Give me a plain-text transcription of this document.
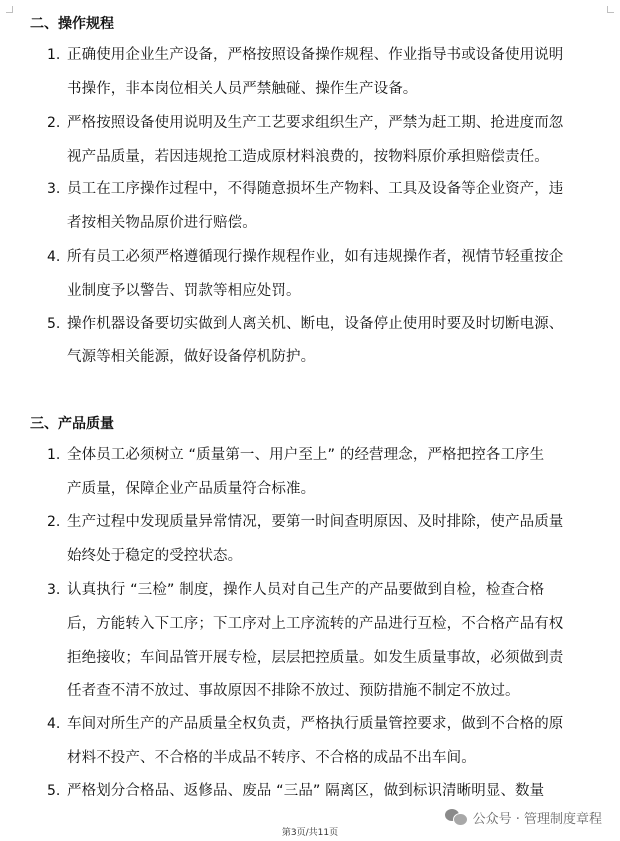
二、操作规程
1. 正确使用企业生产设备，严格按照设备操作规程、作业指导书或设备使用说明
书操作，非本岗位相关人员严禁触碰、操作生产设备。
2. 严格按照设备使用说明及生产工艺要求组织生产，严禁为赶工期、抢进度而忽
视产品质量，若因违规抢工造成原材料浪费的，按物料原价承担赔偿责任。
3. 员工在工序操作过程中，不得随意损坏生产物料、工具及设备等企业资产，违
者按相关物品原价进行赔偿。
4. 所有员工必须严格遵循现行操作规程作业，如有违规操作者，视情节轻重按企
业制度予以警告、罚款等相应处罚。
5. 操作机器设备要切实做到人离关机、断电，设备停止使用时要及时切断电源、
气源等相关能源，做好设备停机防护。
三、产品质量
1. 全体员工必须树立 “质量第一、用户至上” 的经营理念，严格把控各工序生
产质量，保障企业产品质量符合标准。
2. 生产过程中发现质量异常情况，要第一时间查明原因、及时排除，使产品质量
始终处于稳定的受控状态。
3. 认真执行 “三检” 制度，操作人员对自己生产的产品要做到自检，检查合格
后，方能转入下工序；下工序对上工序流转的产品进行互检，不合格产品有权
拒绝接收；车间品管开展专检，层层把控质量。如发生质量事故，必须做到责
任者查不清不放过、事故原因不排除不放过、预防措施不制定不放过。
4. 车间对所生产的产品质量全权负责，严格执行质量管控要求，做到不合格的原
材料不投产、不合格的半成品不转序、不合格的成品不出车间。
5. 严格划分合格品、返修品、废品 “三品” 隔离区，做到标识清晰明显、数量
公众号 · 管理制度章程
第3页/共11页
